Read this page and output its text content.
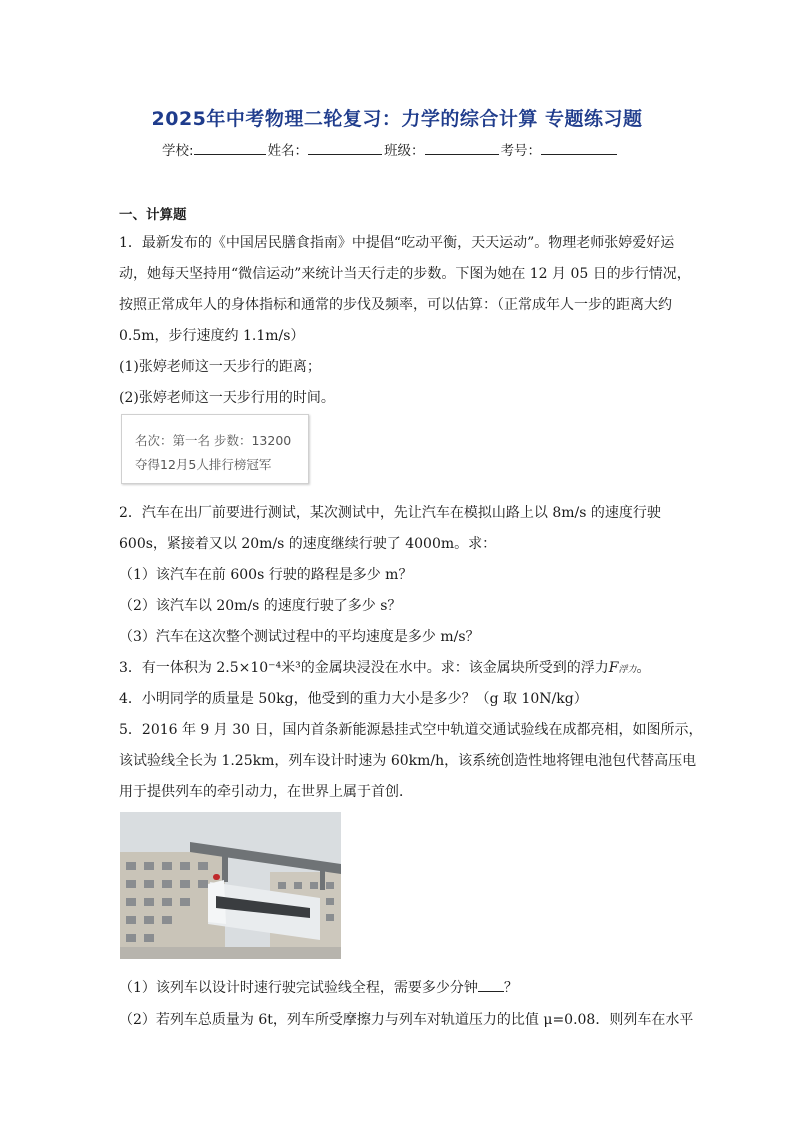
2025年中考物理二轮复习：力学的综合计算 专题练习题
学校:	姓名：	班级：	考号：
一、计算题
1．最新发布的《中国居民膳食指南》中提倡“吃动平衡，天天运动”。物理老师张婷爱好运
动，她每天坚持用“微信运动”来统计当天行走的步数。下图为她在 12 月 05 日的步行情况，
按照正常成年人的身体指标和通常的步伐及频率，可以估算：（正常成年人一步的距离大约
0.5m，步行速度约 1.1m/s）
(1)张婷老师这一天步行的距离；
(2)张婷老师这一天步行用的时间。
名次：第一名 步数：13200
夺得12月5人排行榜冠军
2．汽车在出厂前要进行测试，某次测试中，先让汽车在模拟山路上以 8m/s 的速度行驶
600s，紧接着又以 20m/s 的速度继续行驶了 4000m。求：
（1）该汽车在前 600s 行驶的路程是多少 m？
（2）该汽车以 20m/s 的速度行驶了多少 s？
（3）汽车在这次整个测试过程中的平均速度是多少 m/s？
3．有一体积为 2.5×10⁻⁴米³的金属块浸没在水中。求：该金属块所受到的浮力F浮力。
4．小明同学的质量是 50kg，他受到的重力大小是多少？（g 取 10N/kg）
5．2016 年 9 月 30 日，国内首条新能源悬挂式空中轨道交通试验线在成都亮相，如图所示，
该试验线全长为 1.25km，列车设计时速为 60km/h，该系统创造性地将锂电池包代替高压电
用于提供列车的牵引动力，在世界上属于首创．
（1）该列车以设计时速行驶完试验线全程，需要多少分钟 ？
（2）若列车总质量为 6t，列车所受摩擦力与列车对轨道压力的比值 μ=0.08．则列车在水平
